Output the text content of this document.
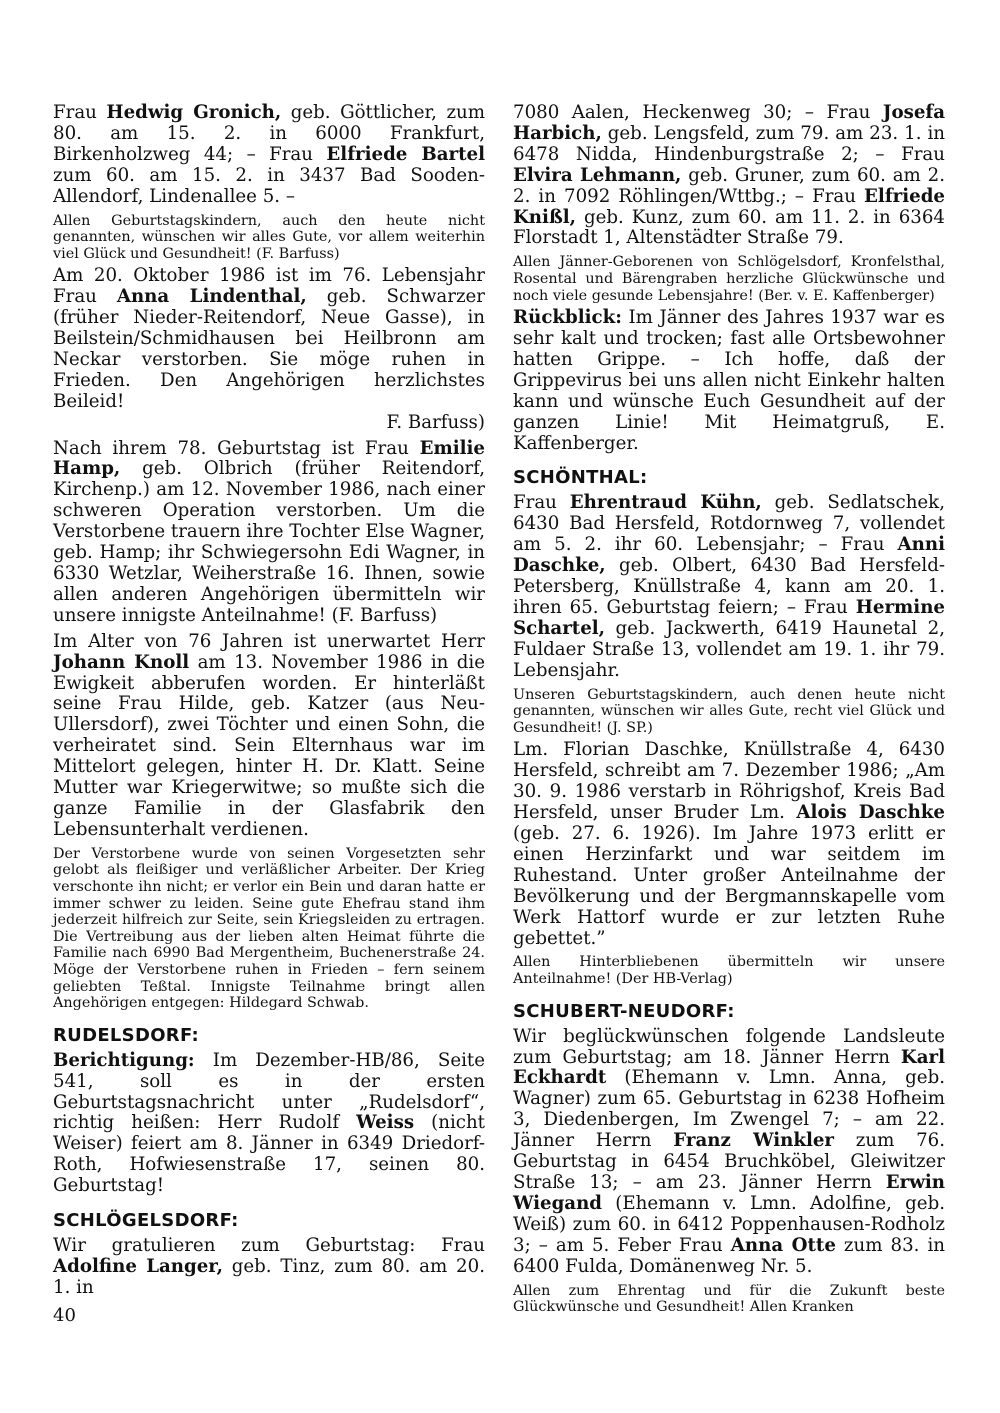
Frau Hedwig Gronich, geb. Göttlicher, zum 80. am 15. 2. in 6000 Frankfurt, Birkenholzweg 44; – Frau Elfriede Bartel zum 60. am 15. 2. in 3437 Bad Sooden-Allendorf, Lindenallee 5. –

Allen Geburtstagskindern, auch den heute nicht genannten, wünschen wir alles Gute, vor allem weiterhin viel Glück und Gesundheit! (F. Barfuss)

Am 20. Oktober 1986 ist im 76. Lebensjahr Frau Anna Lindenthal, geb. Schwarzer (früher Nieder-Reitendorf, Neue Gasse), in Beilstein/Schmidhausen bei Heilbronn am Neckar verstorben. Sie möge ruhen in Frieden. Den Angehörigen herzlichstes Beileid!

F. Barfuss)

Nach ihrem 78. Geburtstag ist Frau Emilie Hamp, geb. Olbrich (früher Reitendorf, Kirchenp.) am 12. November 1986, nach einer schweren Operation verstorben. Um die Verstorbene trauern ihre Tochter Else Wagner, geb. Hamp; ihr Schwiegersohn Edi Wagner, in 6330 Wetzlar, Weiherstraße 16. Ihnen, sowie allen anderen Angehörigen übermitteln wir unsere innigste Anteilnahme! (F. Barfuss)

Im Alter von 76 Jahren ist unerwartet Herr Johann Knoll am 13. November 1986 in die Ewigkeit abberufen worden. Er hinterläßt seine Frau Hilde, geb. Katzer (aus Neu-Ullersdorf), zwei Töchter und einen Sohn, die verheiratet sind. Sein Elternhaus war im Mittelort gelegen, hinter H. Dr. Klatt. Seine Mutter war Kriegerwitwe; so mußte sich die ganze Familie in der Glasfabrik den Lebensunterhalt verdienen.

Der Verstorbene wurde von seinen Vorgesetzten sehr gelobt als fleißiger und verläßlicher Arbeiter. Der Krieg verschonte ihn nicht; er verlor ein Bein und daran hatte er immer schwer zu leiden. Seine gute Ehefrau stand ihm jederzeit hilfreich zur Seite, sein Kriegsleiden zu ertragen. Die Vertreibung aus der lieben alten Heimat führte die Familie nach 6990 Bad Mergentheim, Buchenerstraße 24. Möge der Verstorbene ruhen in Frieden – fern seinem geliebten Teßtal. Innigste Teilnahme bringt allen Angehörigen entgegen: Hildegard Schwab.

RUDELSDORF:

Berichtigung: Im Dezember-HB/86, Seite 541, soll es in der ersten Geburtstagsnachricht unter „Rudelsdorf“, richtig heißen: Herr Rudolf Weiss (nicht Weiser) feiert am 8. Jänner in 6349 Driedorf-Roth, Hofwiesenstraße 17, seinen 80. Geburtstag!

SCHLÖGELSDORF:

Wir gratulieren zum Geburtstag: Frau Adolfine Langer, geb. Tinz, zum 80. am 20. 1. in

7080 Aalen, Heckenweg 30; – Frau Josefa Harbich, geb. Lengsfeld, zum 79. am 23. 1. in 6478 Nidda, Hindenburgstraße 2; – Frau Elvira Lehmann, geb. Gruner, zum 60. am 2. 2. in 7092 Röhlingen/Wttbg.; – Frau Elfriede Knißl, geb. Kunz, zum 60. am 11. 2. in 6364 Florstadt 1, Altenstädter Straße 79.

Allen Jänner-Geborenen von Schlögelsdorf, Kronfelsthal, Rosental und Bärengraben herzliche Glückwünsche und noch viele gesunde Lebensjahre! (Ber. v. E. Kaffenberger)

Rückblick: Im Jänner des Jahres 1937 war es sehr kalt und trocken; fast alle Ortsbewohner hatten Grippe. – Ich hoffe, daß der Grippevirus bei uns allen nicht Einkehr halten kann und wünsche Euch Gesundheit auf der ganzen Linie! Mit Heimatgruß, E. Kaffenberger.

SCHÖNTHAL:

Frau Ehrentraud Kühn, geb. Sedlatschek, 6430 Bad Hersfeld, Rotdornweg 7, vollendet am 5. 2. ihr 60. Lebensjahr; – Frau Anni Daschke, geb. Olbert, 6430 Bad Hersfeld-Petersberg, Knüllstraße 4, kann am 20. 1. ihren 65. Geburtstag feiern; – Frau Hermine Schartel, geb. Jackwerth, 6419 Haunetal 2, Fuldaer Straße 13, vollendet am 19. 1. ihr 79. Lebensjahr.

Unseren Geburtstagskindern, auch denen heute nicht genannten, wünschen wir alles Gute, recht viel Glück und Gesundheit! (J. SP.)

Lm. Florian Daschke, Knüllstraße 4, 6430 Hersfeld, schreibt am 7. Dezember 1986; „Am 30. 9. 1986 verstarb in Röhrigshof, Kreis Bad Hersfeld, unser Bruder Lm. Alois Daschke (geb. 27. 6. 1926). Im Jahre 1973 erlitt er einen Herzinfarkt und war seitdem im Ruhestand. Unter großer Anteilnahme der Bevölkerung und der Bergmannskapelle vom Werk Hattorf wurde er zur letzten Ruhe gebettet.”

Allen Hinterbliebenen übermitteln wir unsere Anteilnahme! (Der HB-Verlag)

SCHUBERT-NEUDORF:

Wir beglückwünschen folgende Landsleute zum Geburtstag; am 18. Jänner Herrn Karl Eckhardt (Ehemann v. Lmn. Anna, geb. Wagner) zum 65. Geburtstag in 6238 Hofheim 3, Diedenbergen, Im Zwengel 7; – am 22. Jänner Herrn Franz Winkler zum 76. Geburtstag in 6454 Bruchköbel, Gleiwitzer Straße 13; – am 23. Jänner Herrn Erwin Wiegand (Ehemann v. Lmn. Adolfine, geb. Weiß) zum 60. in 6412 Poppenhausen-Rodholz 3; – am 5. Feber Frau Anna Otte zum 83. in 6400 Fulda, Domänenweg Nr. 5.

Allen zum Ehrentag und für die Zukunft beste Glückwünsche und Gesundheit! Allen Kranken

40
